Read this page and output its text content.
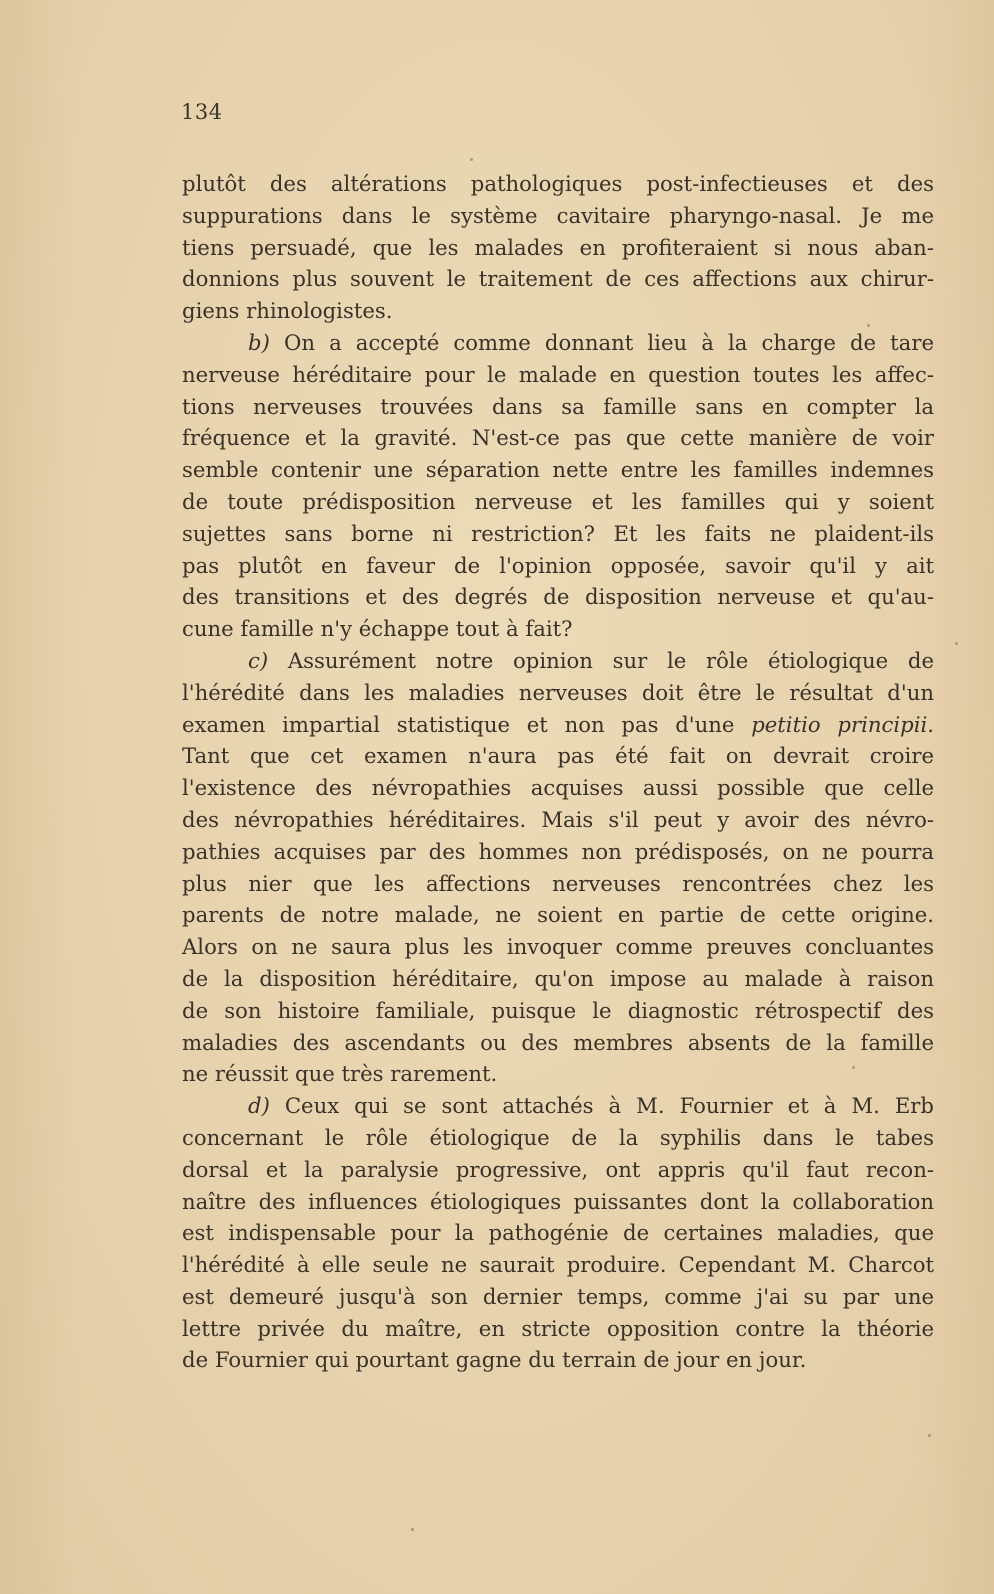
134
plutôt des altérations pathologiques post-infectieuses et des
suppurations dans le système cavitaire pharyngo-nasal. Je me
tiens persuadé, que les malades en profiteraient si nous aban-
donnions plus souvent le traitement de ces affections aux chirur-
giens rhinologistes.
b) On a accepté comme donnant lieu à la charge de tare
nerveuse héréditaire pour le malade en question toutes les affec-
tions nerveuses trouvées dans sa famille sans en compter la
fréquence et la gravité. N'est-ce pas que cette manière de voir
semble contenir une séparation nette entre les familles indemnes
de toute prédisposition nerveuse et les familles qui y soient
sujettes sans borne ni restriction? Et les faits ne plaident-ils
pas plutôt en faveur de l'opinion opposée, savoir qu'il y ait
des transitions et des degrés de disposition nerveuse et qu'au-
cune famille n'y échappe tout à fait?
c) Assurément notre opinion sur le rôle étiologique de
l'hérédité dans les maladies nerveuses doit être le résultat d'un
examen impartial statistique et non pas d'une petitio principii.
Tant que cet examen n'aura pas été fait on devrait croire
l'existence des névropathies acquises aussi possible que celle
des névropathies héréditaires. Mais s'il peut y avoir des névro-
pathies acquises par des hommes non prédisposés, on ne pourra
plus nier que les affections nerveuses rencontrées chez les
parents de notre malade, ne soient en partie de cette origine.
Alors on ne saura plus les invoquer comme preuves concluantes
de la disposition héréditaire, qu'on impose au malade à raison
de son histoire familiale, puisque le diagnostic rétrospectif des
maladies des ascendants ou des membres absents de la famille
ne réussit que très rarement.
d) Ceux qui se sont attachés à M. Fournier et à M. Erb
concernant le rôle étiologique de la syphilis dans le tabes
dorsal et la paralysie progressive, ont appris qu'il faut recon-
naître des influences étiologiques puissantes dont la collaboration
est indispensable pour la pathogénie de certaines maladies, que
l'hérédité à elle seule ne saurait produire. Cependant M. Charcot
est demeuré jusqu'à son dernier temps, comme j'ai su par une
lettre privée du maître, en stricte opposition contre la théorie
de Fournier qui pourtant gagne du terrain de jour en jour.
